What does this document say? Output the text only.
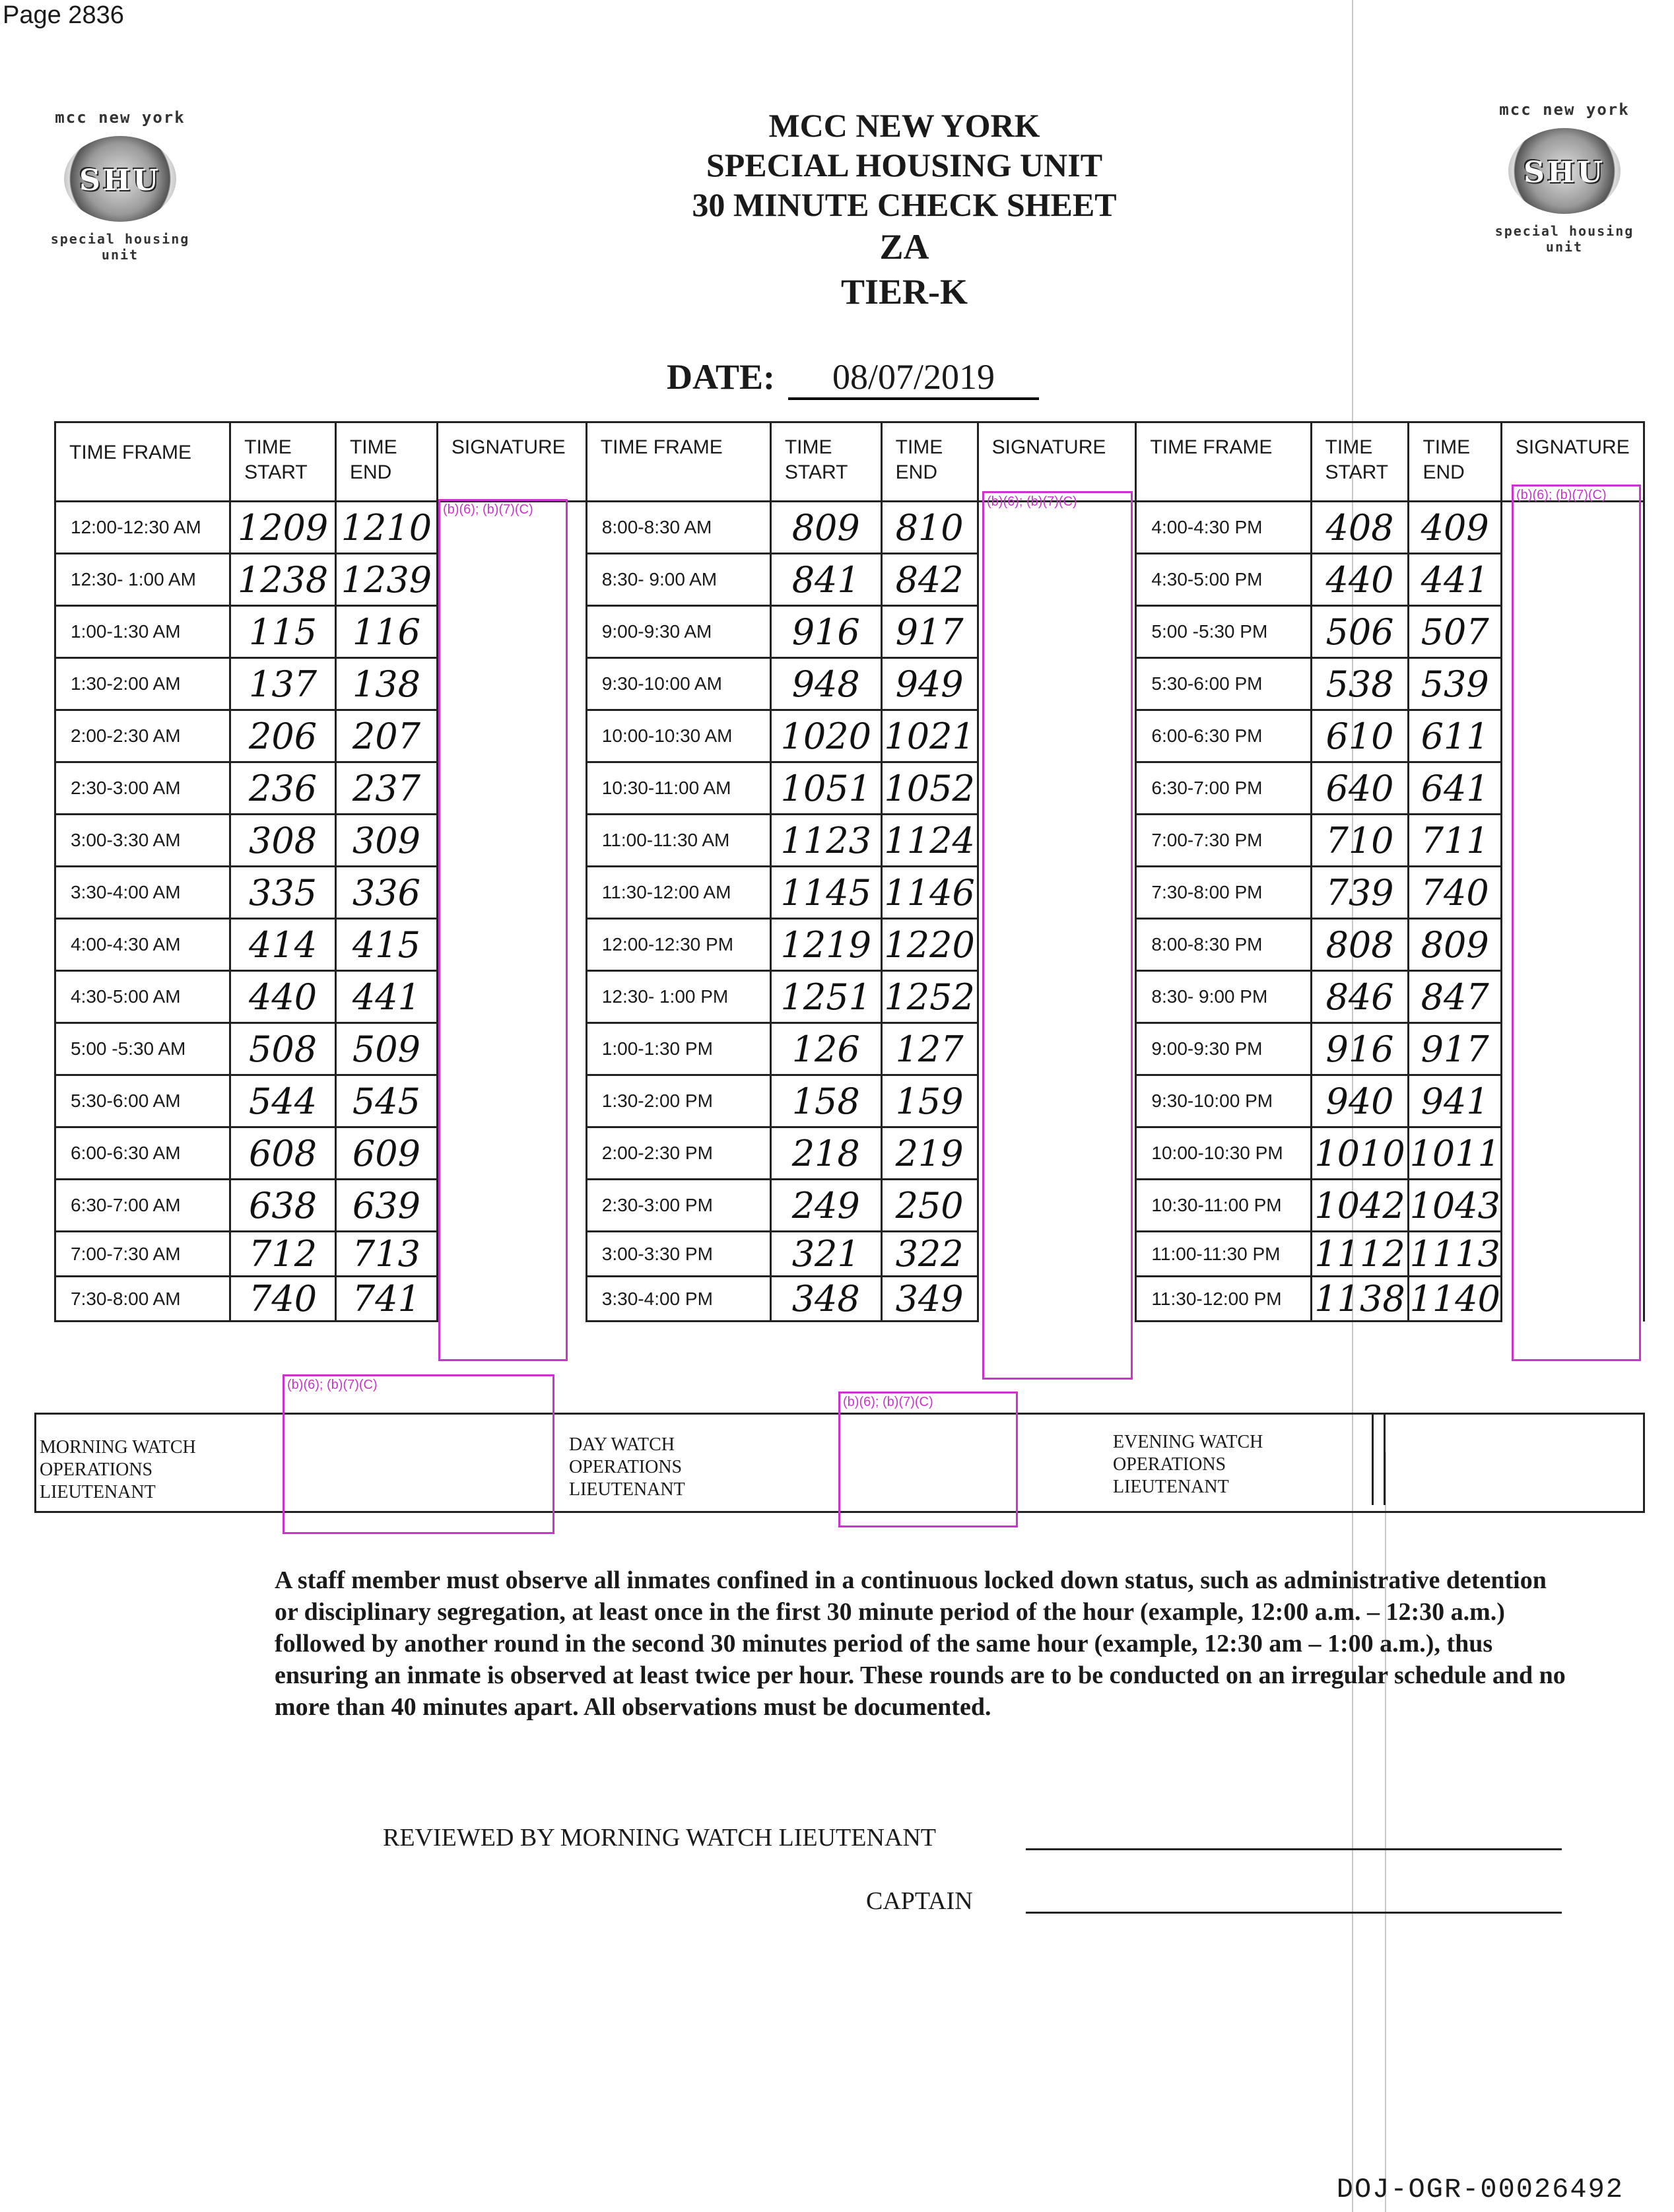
Page 2836
mcc new york
SHU
special housing unit
mcc new york
SHU
special housing unit
MCC NEW YORK
SPECIAL HOUSING UNIT
30 MINUTE CHECK SHEET
ZA
TIER-K
DATE: 08/07/2019
TIME FRAME	TIME START	TIME END	SIGNATURE	TIME FRAME	TIME START	TIME END	SIGNATURE	TIME FRAME	TIME START	TIME END	SIGNATURE
12:00-12:30 AM	1209	1210		8:00-8:30 AM	809	810		4:00-4:30 PM	408	409	
12:30- 1:00 AM	1238	1239		8:30- 9:00 AM	841	842		4:30-5:00 PM	440	441	
1:00-1:30 AM	115	116		9:00-9:30 AM	916	917		5:00 -5:30 PM	506	507	
1:30-2:00 AM	137	138		9:30-10:00 AM	948	949		5:30-6:00 PM	538	539	
2:00-2:30 AM	206	207		10:00-10:30 AM	1020	1021		6:00-6:30 PM	610	611	
2:30-3:00 AM	236	237		10:30-11:00 AM	1051	1052		6:30-7:00 PM	640	641	
3:00-3:30 AM	308	309		11:00-11:30 AM	1123	1124		7:00-7:30 PM	710	711	
3:30-4:00 AM	335	336		11:30-12:00 AM	1145	1146		7:30-8:00 PM	739	740	
4:00-4:30 AM	414	415		12:00-12:30 PM	1219	1220		8:00-8:30 PM	808	809	
4:30-5:00 AM	440	441		12:30- 1:00 PM	1251	1252		8:30- 9:00 PM	846	847	
5:00 -5:30 AM	508	509		1:00-1:30 PM	126	127		9:00-9:30 PM	916	917	
5:30-6:00 AM	544	545		1:30-2:00 PM	158	159		9:30-10:00 PM	940	941	
6:00-6:30 AM	608	609		2:00-2:30 PM	218	219		10:00-10:30 PM	1010	1011	
6:30-7:00 AM	638	639		2:30-3:00 PM	249	250		10:30-11:00 PM	1042	1043	
7:00-7:30 AM	712	713		3:00-3:30 PM	321	322		11:00-11:30 PM	1112	1113	
7:30-8:00 AM	740	741		3:30-4:00 PM	348	349		11:30-12:00 PM	1138	1140	
(b)(6); (b)(7)(C)
(b)(6); (b)(7)(C)	(b)(6); (b)(7)(C)
MORNING WATCH OPERATIONS LIEUTENANT
DAY WATCH OPERATIONS LIEUTENANT
EVENING WATCH OPERATIONS LIEUTENANT
(b)(6); (b)(7)(C)
(b)(6); (b)(7)(C)
A staff member must observe all inmates confined in a continuous locked down status, such as administrative detention or disciplinary segregation, at least once in the first 30 minute period of the hour (example, 12:00 a.m. – 12:30 a.m.) followed by another round in the second 30 minutes period of the same hour (example, 12:30 am – 1:00 a.m.), thus ensuring an inmate is observed at least twice per hour. These rounds are to be conducted on an irregular schedule and no more than 40 minutes apart. All observations must be documented.
REVIEWED BY MORNING WATCH LIEUTENANT
CAPTAIN
DOJ-OGR-00026492
